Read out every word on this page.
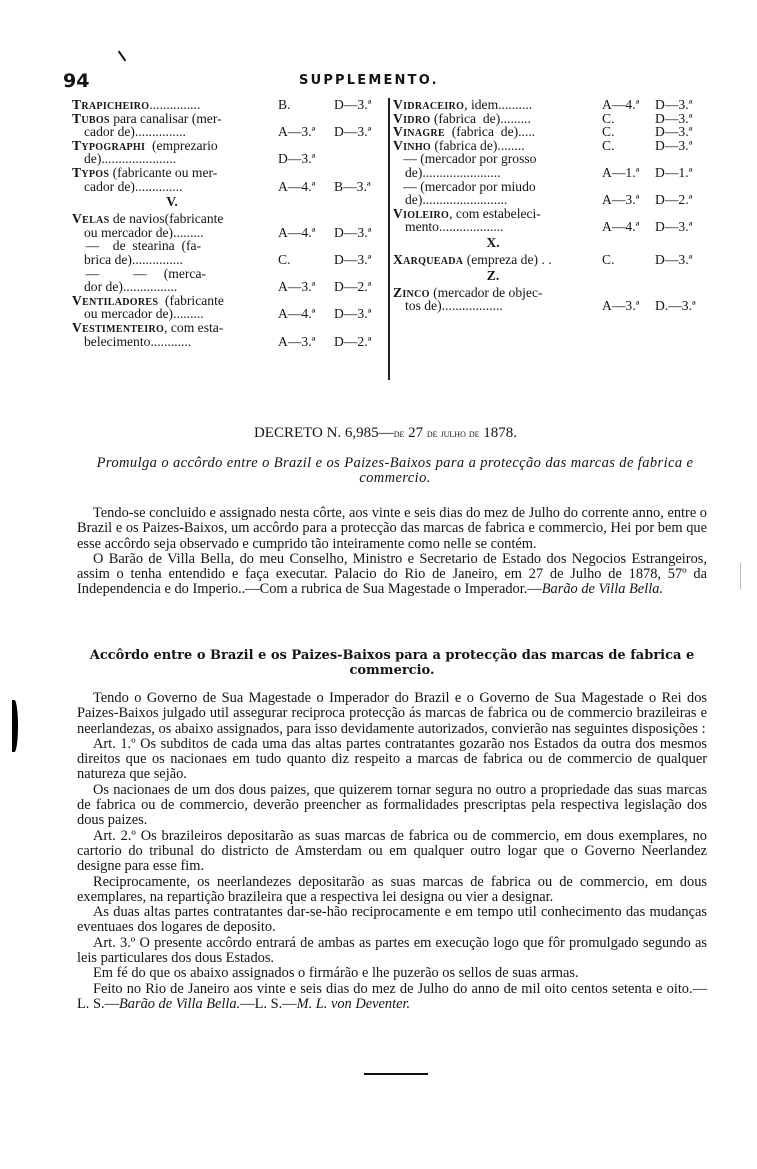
94	SUPPLEMENTO.
Trapicheiro...............	B.	D—3.ª
Tubos para canalisar (mer-
cador de)...............	A—3.ª D—3.ª
Typographi  (emprezario
de)......................	D—3.ª
Typos (fabricante ou mer-
cador de)..............	A—4.ª B—3.ª
V.
Velas de navios(fabricante
ou mercador de).........	A—4.ª D—3.ª
—    de  stearina  (fa-
brica de)...............	C.	D—3.ª
—          —     (merca-
dor de)................	A—3.ª D—2.ª
Ventiladores  (fabricante
ou mercador de).........	A—4.ª D—3.ª
Vestimenteiro, com esta-
belecimento............	A—3.ª D—2.ª
Vidraceiro, idem..........	A—4.ª D—3.ª
Vidro (fabrica  de).........	C.	D—3.ª
Vinagre  (fabrica  de).....	C.	D—3.ª
Vinho (fabrica de)........	C.	D—3.ª
— (mercador por grosso
de).......................	A—1.ª D—1.ª
— (mercador por miudo
de).........................	A—3.ª D—2.ª
Violeiro, com estabeleci-
mento...................	A—4.ª D—3.ª
X.
Xarqueada (empreza de) . .	C.	D—3.ª
Z.
Zinco (mercador de objec-
tos de)..................	A—3.ª D.—3.ª
DECRETO N. 6,985—de 27 de julho de 1878.
Promulga o accôrdo entre o Brazil e os Paizes-Baixos para a protecção das marcas de fabrica e commercio.

Tendo-se concluido e assignado nesta côrte, aos vinte e seis dias do mez de Julho do corrente anno, entre o Brazil e os Paizes-Baixos, um accôrdo para a protecção das marcas de fabrica e commercio, Hei por bem que esse accôrdo seja observado e cumprido tão inteiramente como nelle se contém.

O Barão de Villa Bella, do meu Conselho, Ministro e Secretario de Estado dos Negocios Estrangeiros, assim o tenha entendido e faça executar. Palacio do Rio de Janeiro, em 27 de Julho de 1878, 57º da Independencia e do Imperio..—Com a rubrica de Sua Magestade o Imperador.—Barão de Villa Bella.

Accôrdo entre o Brazil e os Paizes-Baixos para a protecção das marcas de fabrica e commercio.

Tendo o Governo de Sua Magestade o Imperador do Brazil e o Governo de Sua Magestade o Rei dos Paizes-Baixos julgado util assegurar reciproca protecção ás marcas de fabrica ou de commercio brazileiras e neerlandezas, os abaixo assignados, para isso devidamente autorizados, convierão nas seguintes disposições :

Art. 1.º Os subditos de cada uma das altas partes contratantes gozarão nos Estados da outra dos mesmos direitos que os nacionaes em tudo quanto diz respeito a marcas de fabrica ou de commercio de qualquer natureza que sejão.

Os nacionaes de um dos dous paizes, que quizerem tornar segura no outro a propriedade das suas marcas de fabrica ou de commercio, deverão preencher as formalidades prescriptas pela respectiva legislação dos dous paizes.

Art. 2.º Os brazileiros depositarão as suas marcas de fabrica ou de commercio, em dous exemplares, no cartorio do tribunal do districto de Amsterdam ou em qualquer outro logar que o Governo Neerlandez designe para esse fim.

Reciprocamente, os neerlandezes depositarão as suas marcas de fabrica ou de commercio, em dous exemplares, na repartição brazileira que a respectiva lei designa ou vier a designar.

As duas altas partes contratantes dar-se-hão reciprocamente e em tempo util conhecimento das mudanças eventuaes dos logares de deposito.

Art. 3.º O presente accôrdo entrará de ambas as partes em execução logo que fôr promulgado segundo as leis particulares dos dous Estados.

Em fé do que os abaixo assignados o firmárão e lhe puzerão os sellos de suas armas.

Feito no Rio de Janeiro aos vinte e seis dias do mez de Julho do anno de mil oito centos setenta e oito.—L. S.—Barão de Villa Bella.—L. S.—M. L. von Deventer.
